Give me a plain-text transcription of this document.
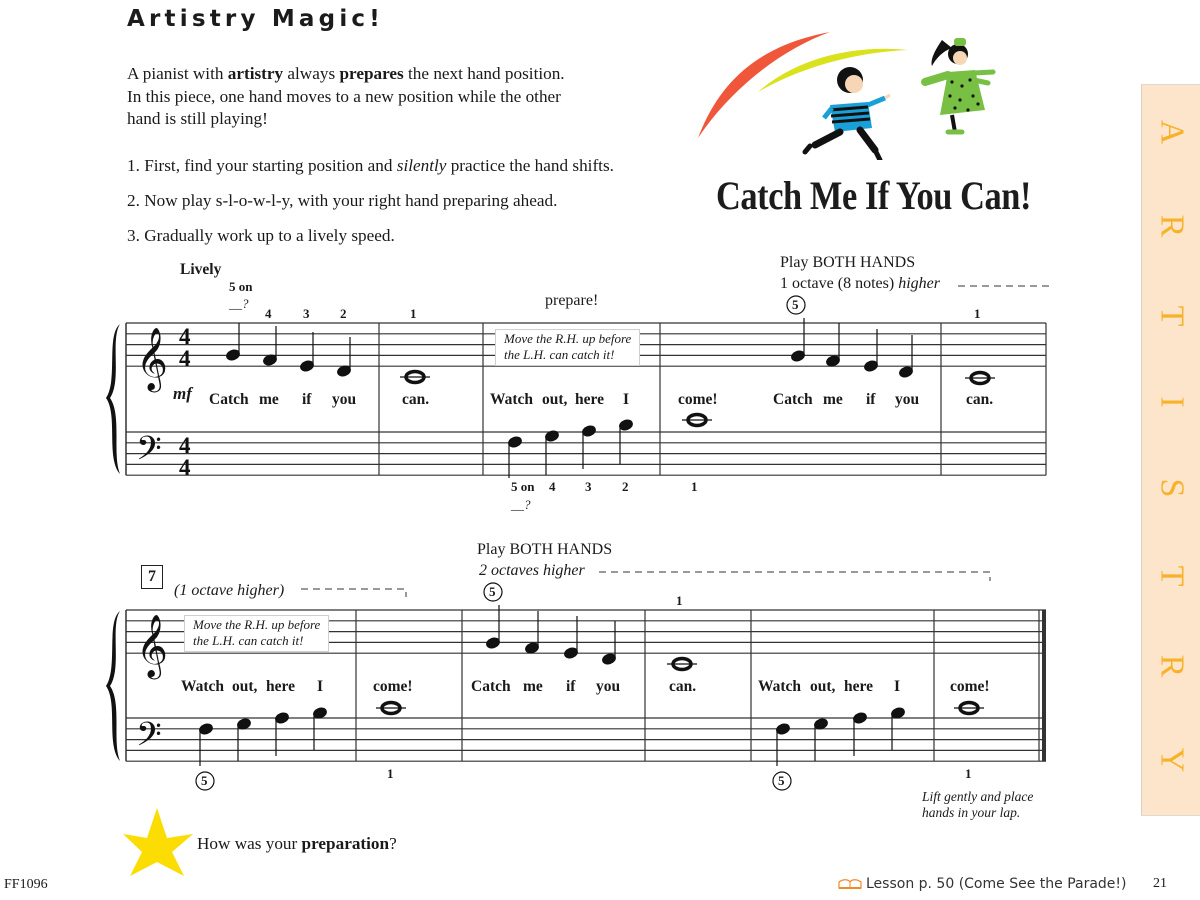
Artistry Magic!
A pianist with artistry always prepares the next hand position.
In this piece, one hand moves to a new position while the other
hand is still playing!
1. First, find your starting position and silently practice the hand shifts.
2. Now play s-l-o-w-l-y, with your right hand preparing ahead.
3. Gradually work up to a lively speed.
Catch Me If You Can!
A
R
T
I
S
T
R
Y
𝄞
𝄢
4
4
4
4
𝄞
𝄢
Lively
5 on
__?
4 3 2	1
mf Catch me if you	can.	Watch out, here I	come!	Catch me if you	can.
prepare!
Move the R.H. up before
the L.H. can catch it!
Play BOTH HANDS
1 octave (8 notes) higher
5
1
5 on
__?
4 3 2	1
7
(1 octave higher)
Move the R.H. up before
the L.H. can catch it!
Play BOTH HANDS
2 octaves higher
5
1
Watch out, here I	come!	Catch me if you	can.	Watch out, here I	come!
5	1	5	1
Lift gently and place
hands in your lap.
How was your preparation?
FF1096	Lesson p. 50 (Come See the Parade!) 21
